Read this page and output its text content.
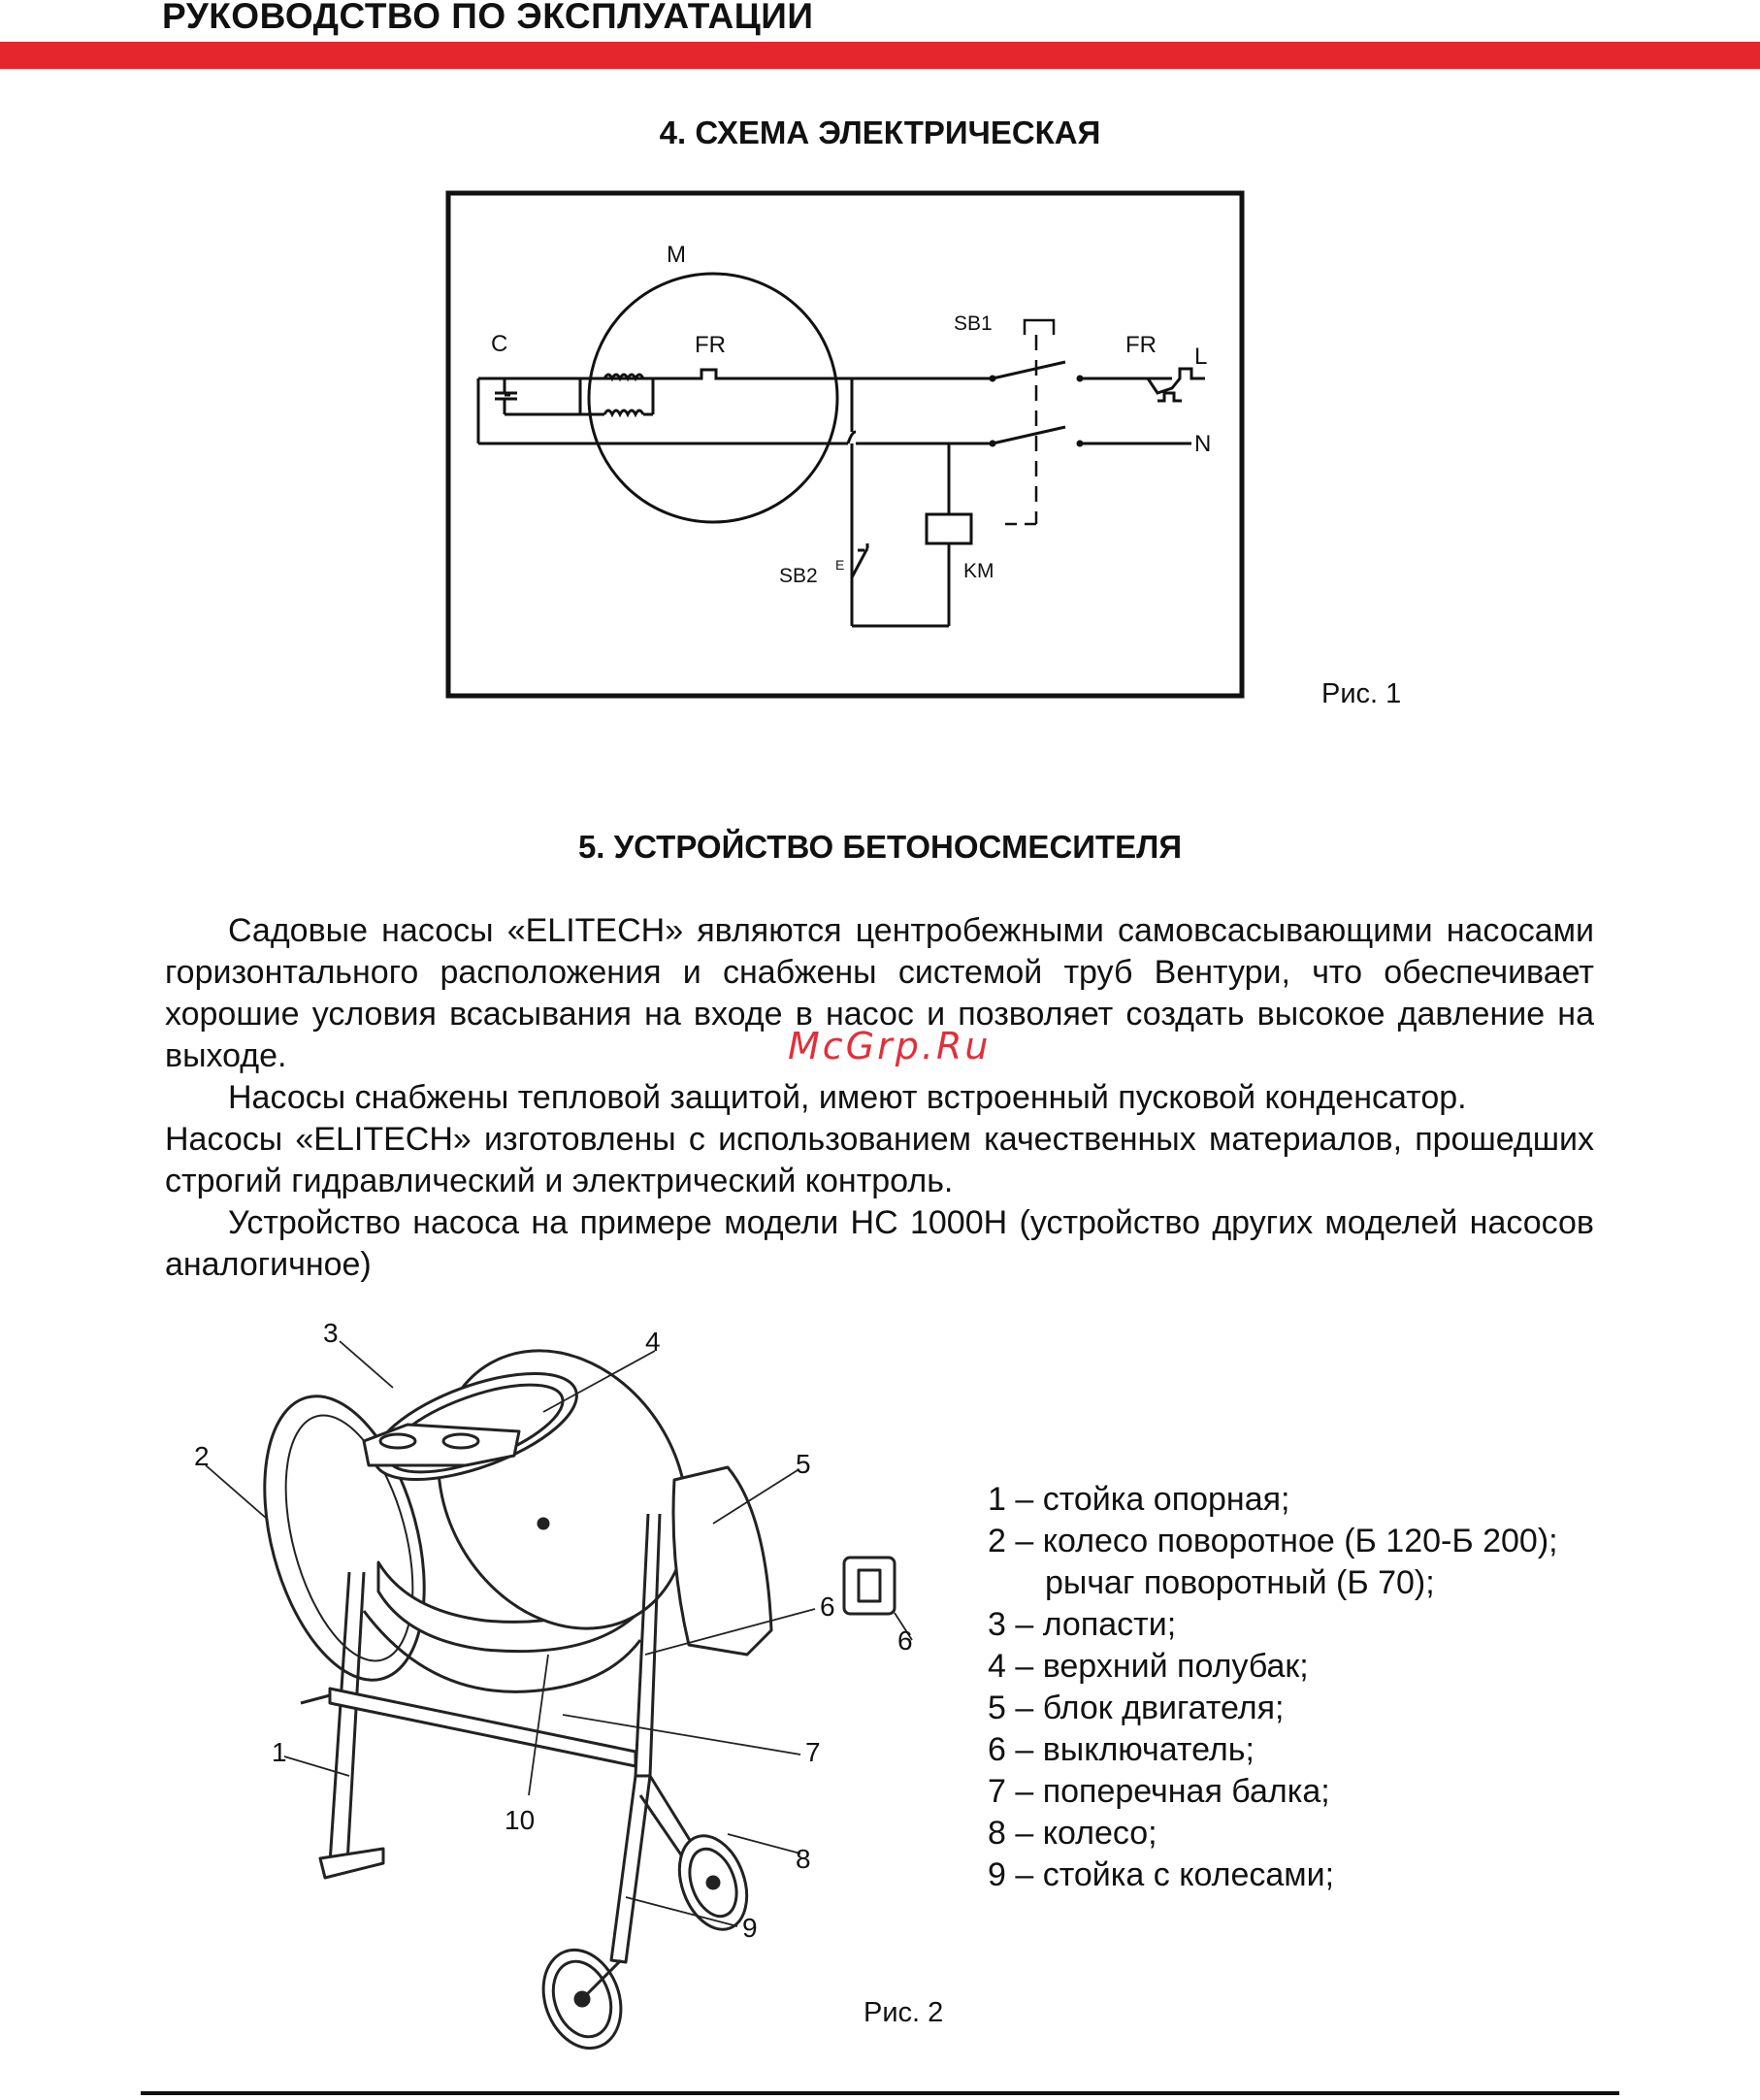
РУКОВОДСТВО ПО ЭКСПЛУАТАЦИИ
4. СХЕМА ЭЛЕКТРИЧЕСКАЯ
M
C	FR
SB1
FR L
N
SB2 E	KM
Рис. 1
5. УСТРОЙСТВО БЕТОНОСМЕСИТЕЛЯ

Садовые насосы «ELITECH» являются центробежными самовсасывающими насосами горизонтального расположения и снабжены системой труб Вентури, что обеспечивает хорошие условия всасывания на входе в насос и позволяет создать высокое давление на выходе.

Насосы снабжены тепловой защитой, имеют встроенный пусковой конденсатор.

Насосы «ELITECH» изготовлены с использованием качественных материалов, прошедших строгий гидравлический и электрический контроль.

Устройство насоса на примере модели НС 1000Н (устройство других моделей насосов аналогичное)

McGrp.Ru
3	4
2	5
6
6
7
1
10
8
9
1 – стойка опорная;
2 – колесо поворотное (Б 120-Б 200);
рычаг поворотный (Б 70);
3 – лопасти;
4 – верхний полубак;
5 – блок двигателя;
6 – выключатель;
7 – поперечная балка;
8 – колесо;
9 – стойка с колесами;
Рис. 2
